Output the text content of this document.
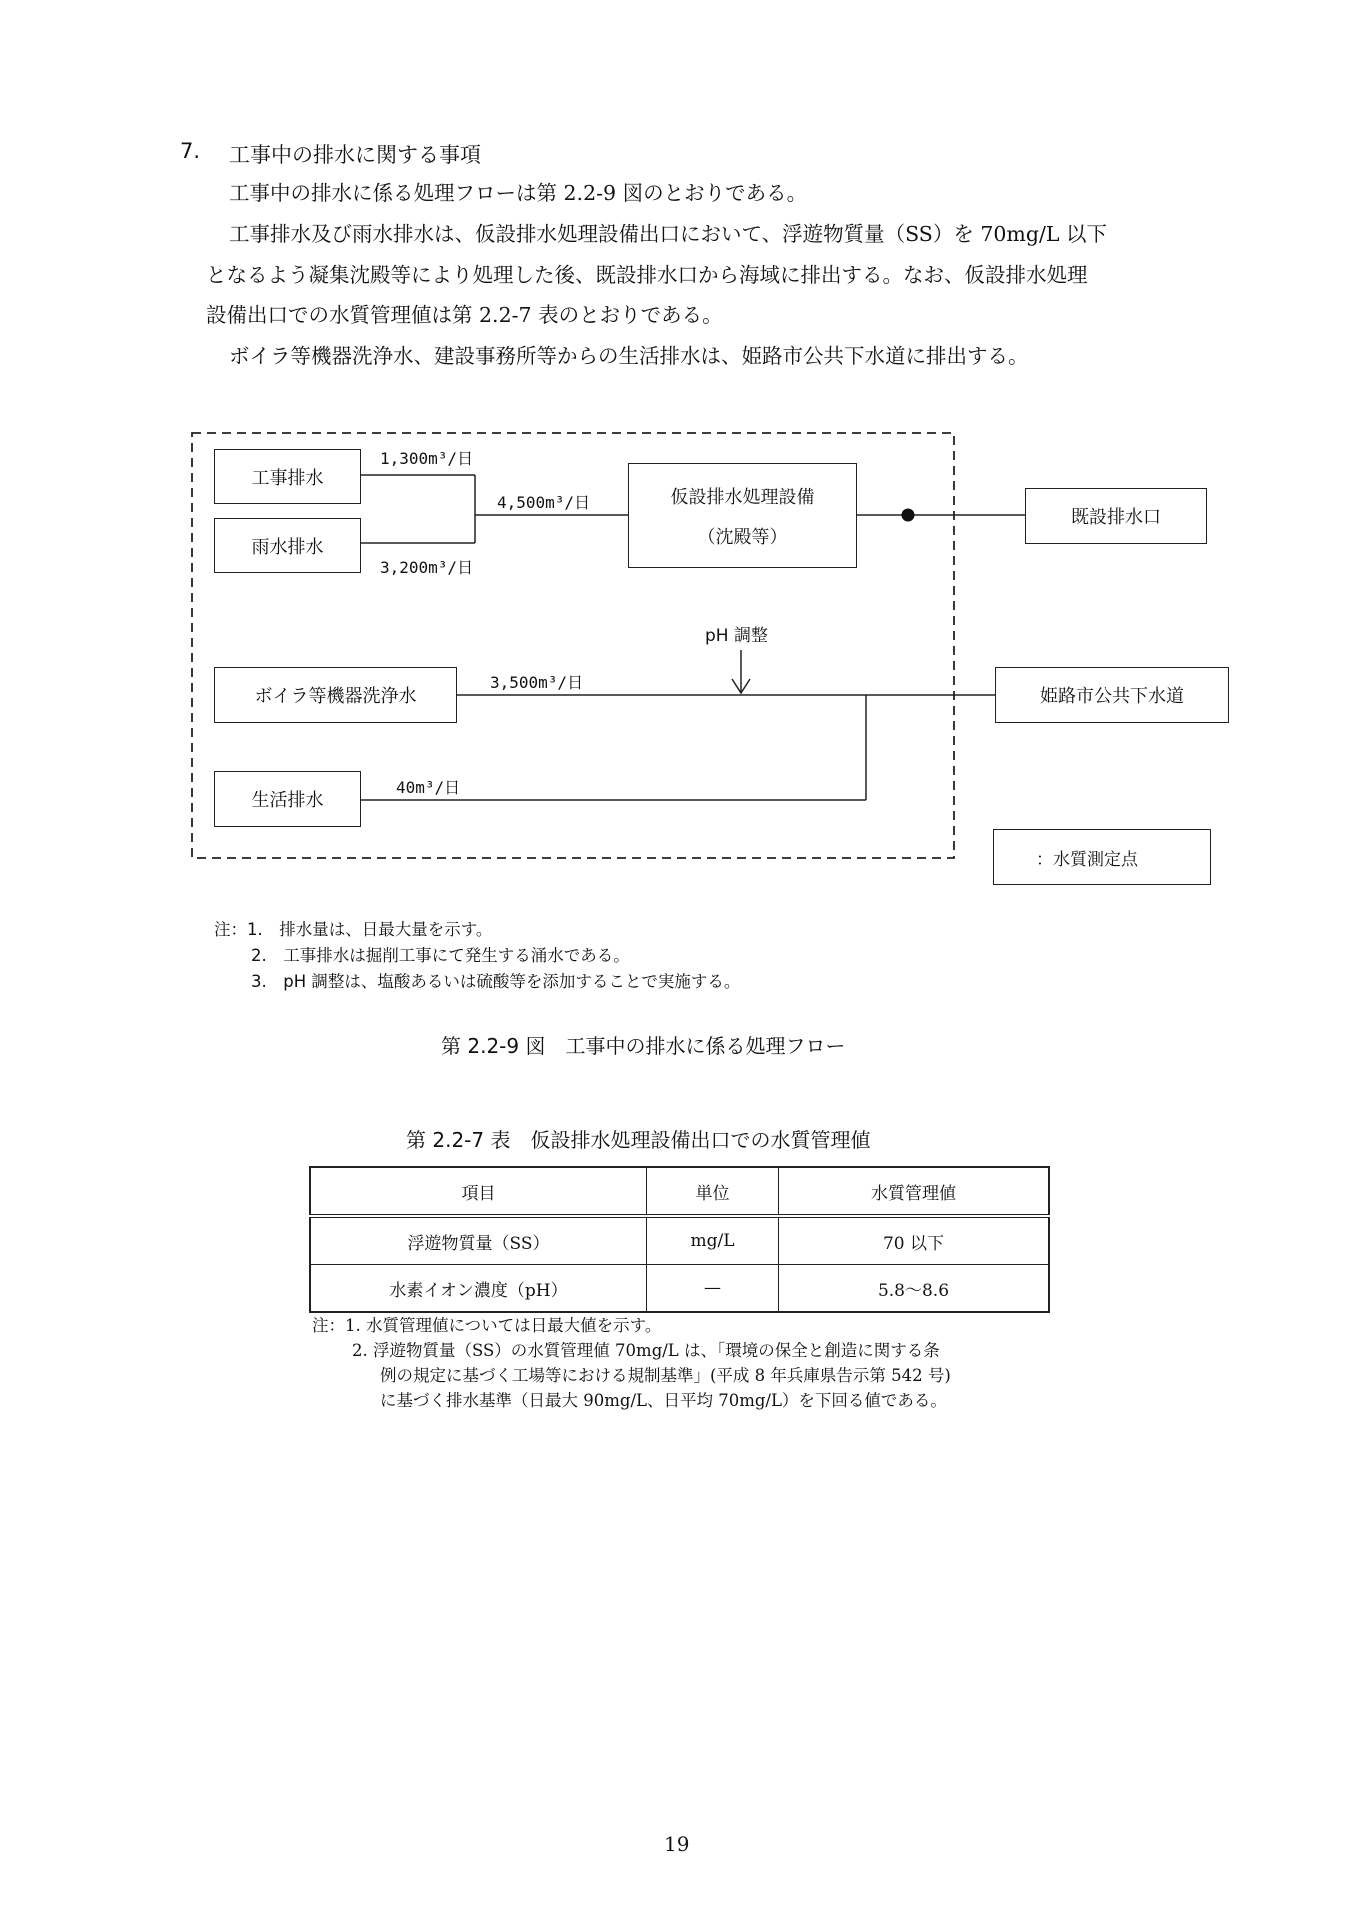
7. 工事中の排水に関する事項
工事中の排水に係る処理フローは第 2.2-9 図のとおりである。
工事排水及び雨水排水は、仮設排水処理設備出口において、浮遊物質量（SS）を 70mg/L 以下
となるよう凝集沈殿等により処理した後、既設排水口から海域に排出する。なお、仮設排水処理
設備出口での水質管理値は第 2.2-7 表のとおりである。
ボイラ等機器洗浄水、建設事務所等からの生活排水は、姫路市公共下水道に排出する。
工事排水
雨水排水
仮設排水処理設備
（沈殿等）
既設排水口
ボイラ等機器洗浄水
生活排水
姫路市公共下水道
：水質測定点
1,300m³/日
4,500m³/日
3,200m³/日
3,500m³/日
40m³/日
pH 調整
注：1.　排水量は、日最大量を示す。
2.　工事排水は掘削工事にて発生する涌水である。
3.　pH 調整は、塩酸あるいは硫酸等を添加することで実施する。
第 2.2-9 図　工事中の排水に係る処理フロー
第 2.2-7 表　仮設排水処理設備出口での水質管理値
項目	単位	水質管理値
浮遊物質量（SS）	mg/L	70 以下
水素イオン濃度（pH）	—	5.8～8.6
注：1. 水質管理値については日最大値を示す。
2. 浮遊物質量（SS）の水質管理値 70mg/L は、「環境の保全と創造に関する条
例の規定に基づく工場等における規制基準」(平成 8 年兵庫県告示第 542 号)
に基づく排水基準（日最大 90mg/L、日平均 70mg/L）を下回る値である。
19
